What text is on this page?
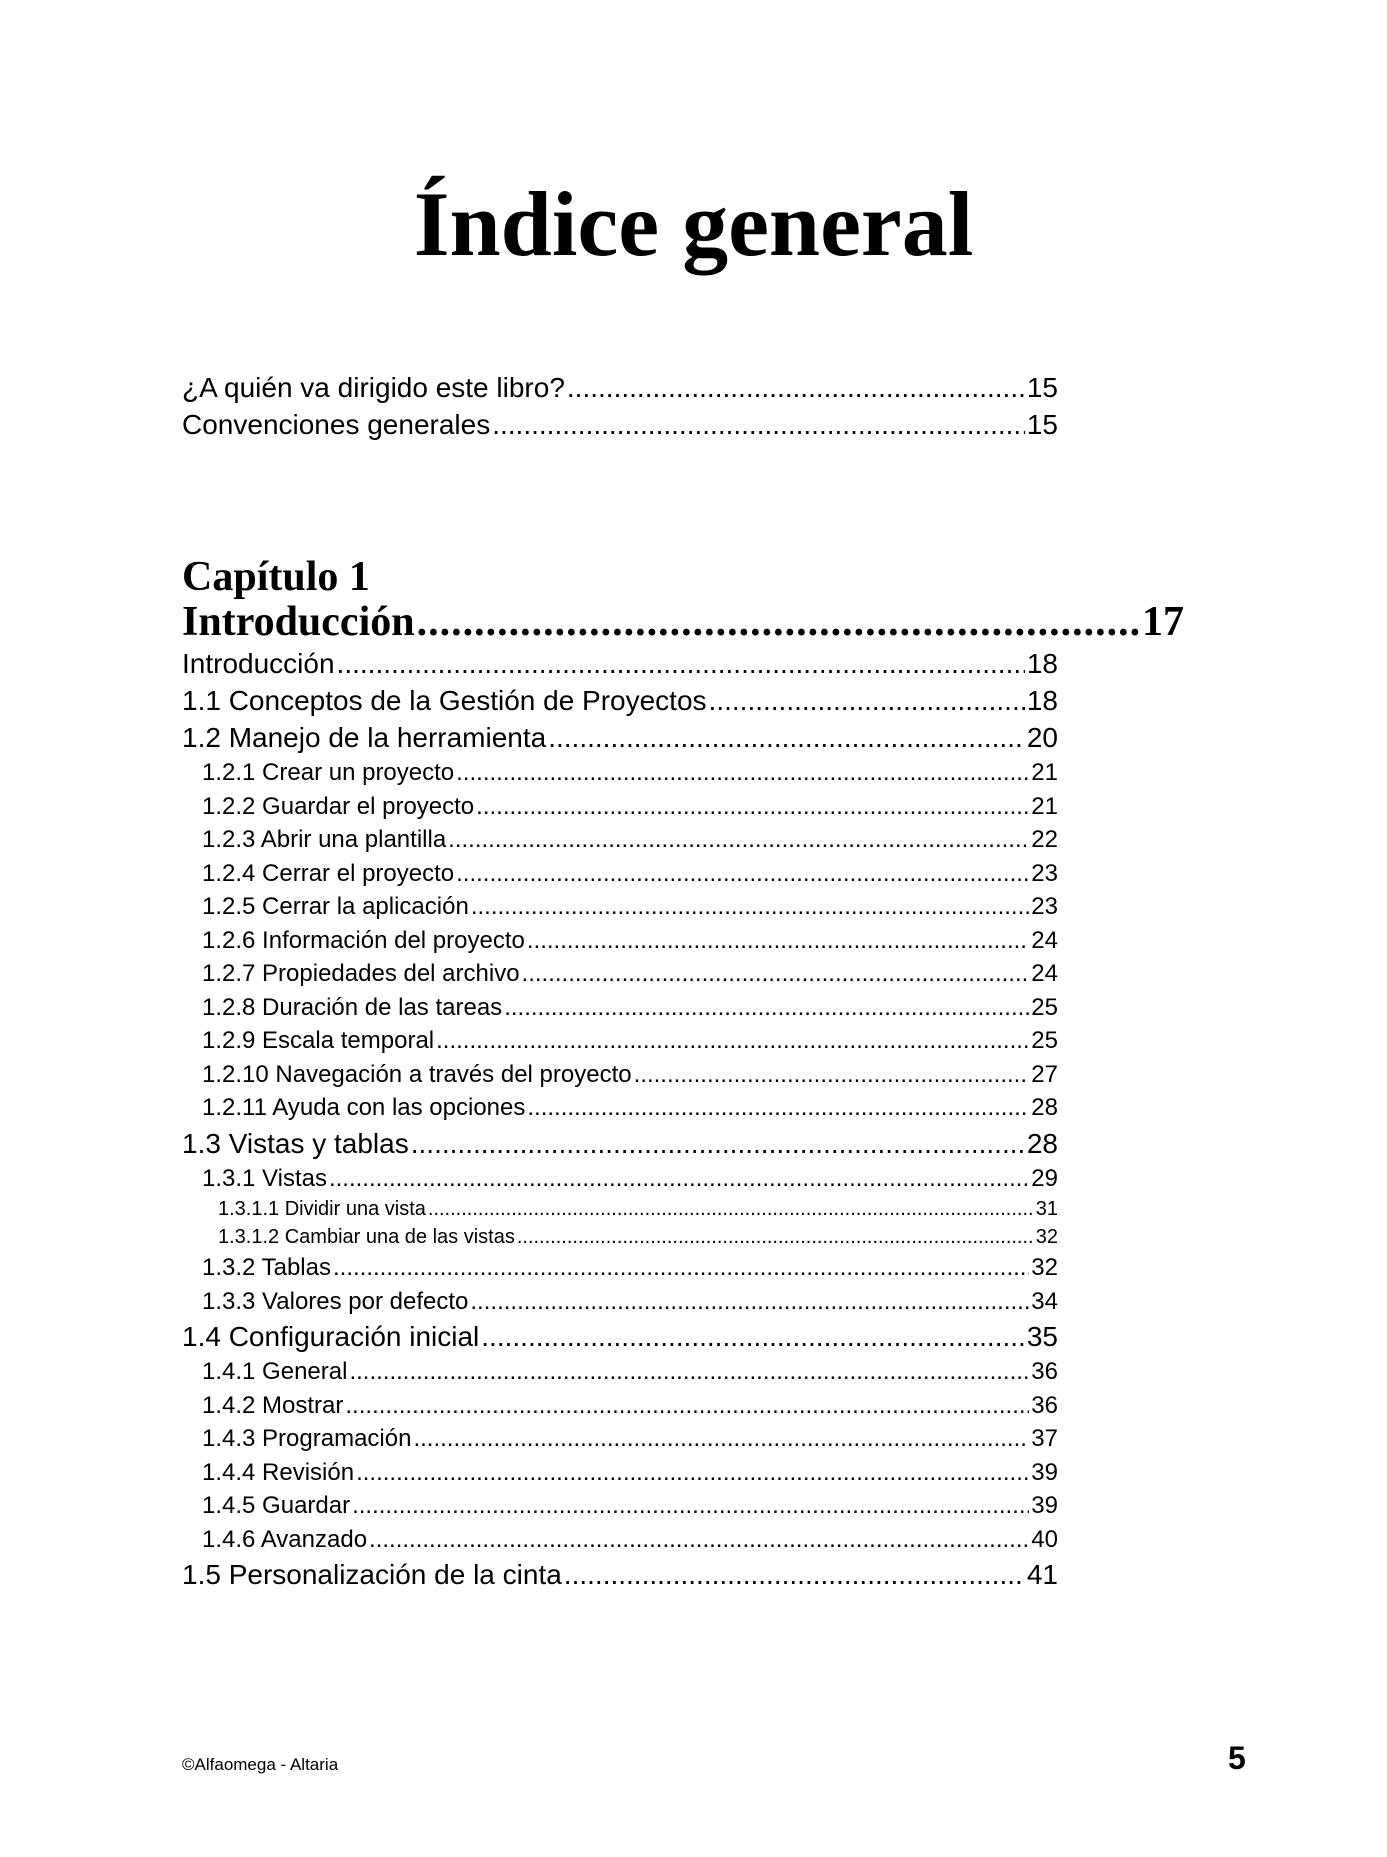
Índice general
¿A quién va dirigido este libro? .....	15
Convenciones generales .....	15
Capítulo 1
Introducción .....	17
Introducción .....	18
1.1 Conceptos de la Gestión de Proyectos .....	18
1.2 Manejo de la herramienta .....	20
1.2.1 Crear un proyecto .....	21
1.2.2 Guardar el proyecto .....	21
1.2.3 Abrir una plantilla .....	22
1.2.4 Cerrar el proyecto .....	23
1.2.5 Cerrar la aplicación .....	23
1.2.6 Información del proyecto .....	24
1.2.7 Propiedades del archivo .....	24
1.2.8 Duración de las tareas .....	25
1.2.9 Escala temporal .....	25
1.2.10 Navegación a través del proyecto .....	27
1.2.11 Ayuda con las opciones .....	28
1.3 Vistas y tablas .....	28
1.3.1 Vistas .....	29
1.3.1.1 Dividir una vista .....	31
1.3.1.2 Cambiar una de las vistas .....	32
1.3.2 Tablas .....	32
1.3.3 Valores por defecto .....	34
1.4 Configuración inicial .....	35
1.4.1 General .....	36
1.4.2 Mostrar .....	36
1.4.3 Programación .....	37
1.4.4 Revisión .....	39
1.4.5 Guardar .....	39
1.4.6 Avanzado .....	40
1.5 Personalización de la cinta .....	41
©Alfaomega - Altaria	5
